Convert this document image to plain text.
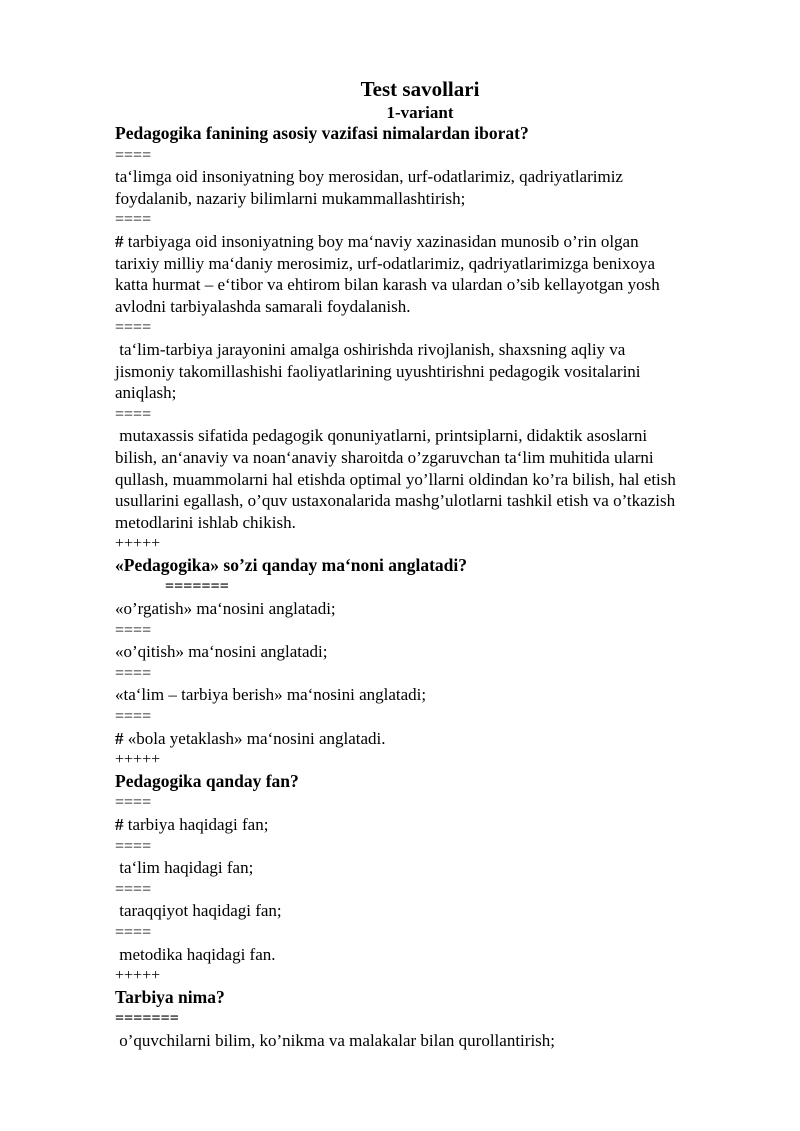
Test savollari
1-variant
Pedagogika fanining asosiy vazifasi nimalardan iborat?
====
ta‘limga oid insoniyatning boy merosidan, urf-odatlarimiz, qadriyatlarimiz
foydalanib, nazariy bilimlarni mukammallashtirish;
====
# tarbiyaga oid insoniyatning boy ma‘naviy xazinasidan munosib o’rin olgan
tarixiy milliy ma‘daniy merosimiz, urf-odatlarimiz, qadriyatlarimizga benixoya
katta hurmat – e‘tibor va ehtirom bilan karash va ulardan o’sib kellayotgan yosh
avlodni tarbiyalashda samarali foydalanish.
====
ta‘lim-tarbiya jarayonini amalga oshirishda rivojlanish, shaxsning aqliy va
jismoniy takomillashishi faoliyatlarining uyushtirishni pedagogik vositalarini
aniqlash;
====
mutaxassis sifatida pedagogik qonuniyatlarni, printsiplarni, didaktik asoslarni
bilish, an‘anaviy va noan‘anaviy sharoitda o’zgaruvchan ta‘lim muhitida ularni
qullash, muammolarni hal etishda optimal yo’llarni oldindan ko’ra bilish, hal etish
usullarini egallash, o’quv ustaxonalarida mashg’ulotlarni tashkil etish va o’tkazish
metodlarini ishlab chikish.
+++++
«Pedagogika» so’zi qanday ma‘noni anglatadi?
=======
«o’rgatish» ma‘nosini anglatadi;
====
«o’qitish» ma‘nosini anglatadi;
====
«ta‘lim – tarbiya berish» ma‘nosini anglatadi;
====
# «bola yetaklash» ma‘nosini anglatadi.
+++++
Pedagogika qanday fan?
====
# tarbiya haqidagi fan;
====
ta‘lim haqidagi fan;
====
taraqqiyot haqidagi fan;
====
metodika haqidagi fan.
+++++
Tarbiya nima?
=======
o’quvchilarni bilim, ko’nikma va malakalar bilan qurollantirish;
